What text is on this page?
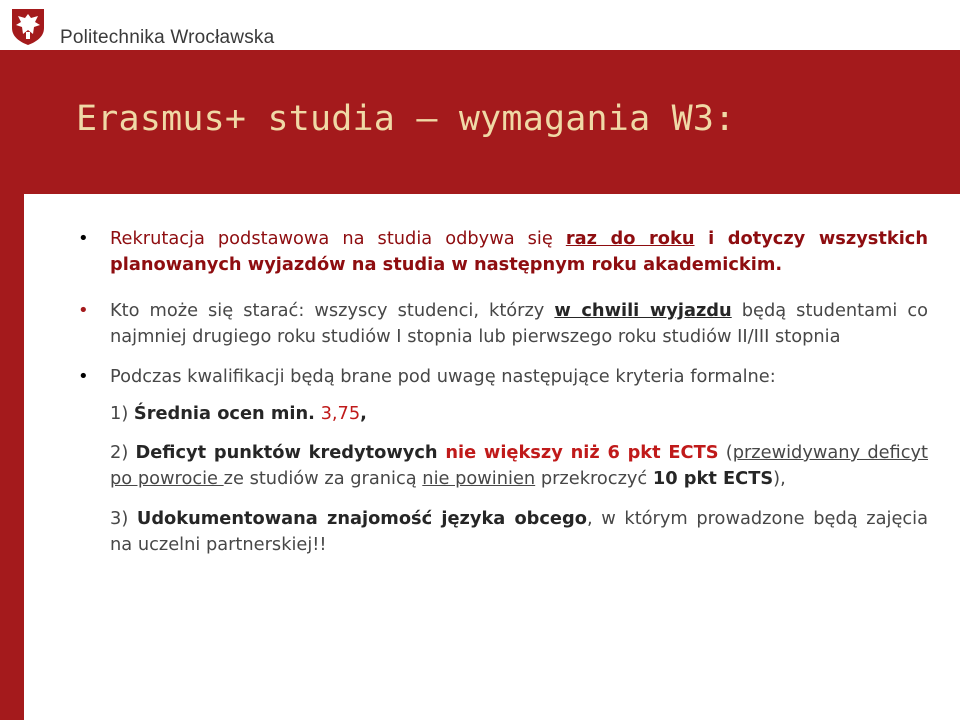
Politechnika Wrocławska
Erasmus+ studia – wymagania W3:
• Rekrutacja podstawowa na studia odbywa się raz do roku i dotyczy wszystkich planowanych wyjazdów na studia w następnym roku akademickim.
• Kto może się starać: wszyscy studenci, którzy w chwili wyjazdu będą studentami co najmniej drugiego roku studiów I stopnia lub pierwszego roku studiów II/III stopnia
• Podczas kwalifikacji będą brane pod uwagę następujące kryteria formalne:
1) Średnia ocen min. 3,75,
2) Deficyt punktów kredytowych nie większy niż 6 pkt ECTS (przewidywany deficyt po powrocie ze studiów za granicą nie powinien przekroczyć 10 pkt ECTS),
3) Udokumentowana znajomość języka obcego, w którym prowadzone będą zajęcia na uczelni partnerskiej!!
